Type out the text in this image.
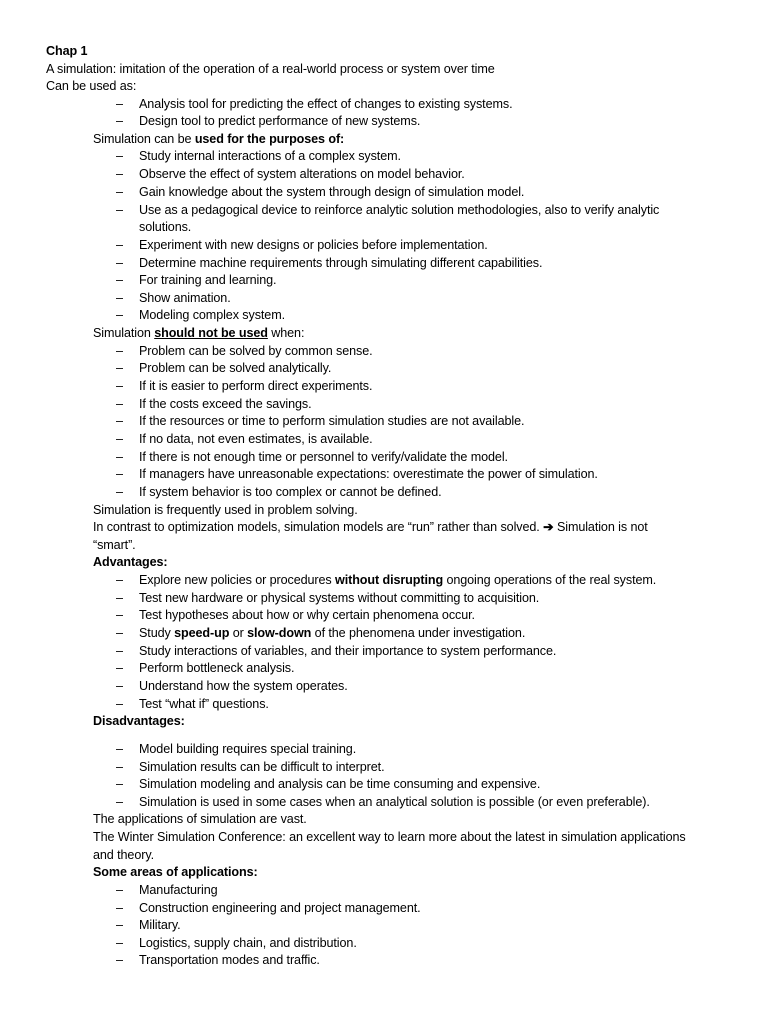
Chap 1
A simulation: imitation of the operation of a real-world process or system over time
Can be used as:
– Analysis tool for predicting the effect of changes to existing systems.
– Design tool to predict performance of new systems.
Simulation can be used for the purposes of:
– Study internal interactions of a complex system.
– Observe the effect of system alterations on model behavior.
– Gain knowledge about the system through design of simulation model.
– Use as a pedagogical device to reinforce analytic solution methodologies, also to verify analytic
solutions.
– Experiment with new designs or policies before implementation.
– Determine machine requirements through simulating different capabilities.
– For training and learning.
– Show animation.
– Modeling complex system.
Simulation should not be used when:
– Problem can be solved by common sense.
– Problem can be solved analytically.
– If it is easier to perform direct experiments.
– If the costs exceed the savings.
– If the resources or time to perform simulation studies are not available.
– If no data, not even estimates, is available.
– If there is not enough time or personnel to verify/validate the model.
– If managers have unreasonable expectations: overestimate the power of simulation.
– If system behavior is too complex or cannot be defined.
Simulation is frequently used in problem solving.
In contrast to optimization models, simulation models are “run” rather than solved. ➔ Simulation is not
“smart”.
Advantages:
– Explore new policies or procedures without disrupting ongoing operations of the real system.
– Test new hardware or physical systems without committing to acquisition.
– Test hypotheses about how or why certain phenomena occur.
– Study speed-up or slow-down of the phenomena under investigation.
– Study interactions of variables, and their importance to system performance.
– Perform bottleneck analysis.
– Understand how the system operates.
– Test “what if” questions.
Disadvantages:
– Model building requires special training.
– Simulation results can be difficult to interpret.
– Simulation modeling and analysis can be time consuming and expensive.
– Simulation is used in some cases when an analytical solution is possible (or even preferable).
The applications of simulation are vast.
The Winter Simulation Conference: an excellent way to learn more about the latest in simulation applications
and theory.
Some areas of applications:
– Manufacturing
– Construction engineering and project management.
– Military.
– Logistics, supply chain, and distribution.
– Transportation modes and traffic.
